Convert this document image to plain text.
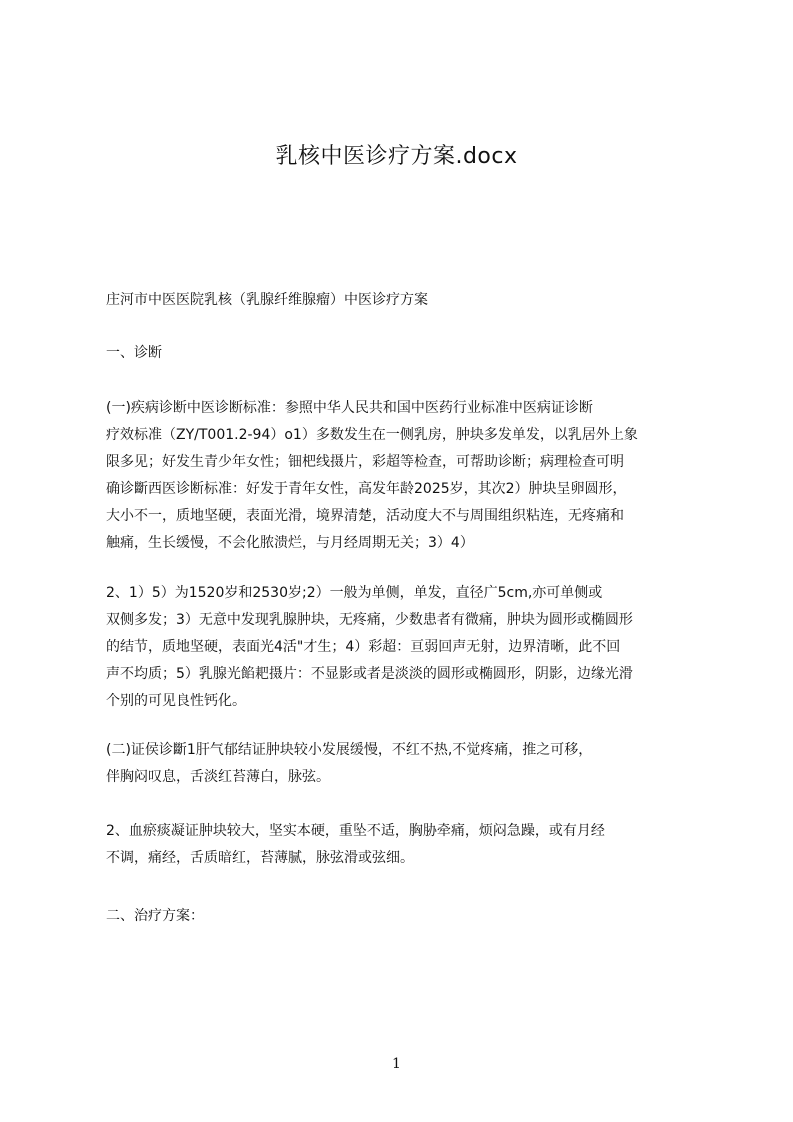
乳核中医诊疗方案.docx
庄河市中医医院乳核（乳腺纤维腺瘤）中医诊疗方案
一、诊断
(一)疾病诊断中医诊断标准：参照中华人民共和国中医药行业标准中医病证诊断
疗效标准（ZY/T001.2-94）o1）多数发生在一侧乳房，肿块多发单发，以乳居外上象
限多见；好发生青少年女性；钿杷线摄片，彩超等检查，可帮助诊断；病理检查可明
确诊斷西医诊断标准：好发于青年女性，高发年龄2025岁，其次2）肿块呈卵圆形，
大小不一，质地坚硬，表面光滑，境界清楚，活动度大不与周围组织粘连，无疼痛和
触痛，生长缓慢，不会化脓溃烂，与月经周期无关；3）4）
2、1）5）为1520岁和2530岁;2）一般为单侧，单发，直径广5cm,亦可单侧或
双侧多发；3）无意中发现乳腺肿块，无疼痛，少数患者有微痛，肿块为圆形或椭圆形
的结节，质地坚硬，表面光4活"才生；4）彩超：亘弱回声无射，边界清晰，此不回
声不均质；5）乳腺光餡耙摄片：不显影或者是淡淡的圆形或椭圆形，阴影，边缘光滑
个别的可见良性钙化。
(二)证侯诊斷1肝气郁结证肿块较小发展缓慢，不红不热,不觉疼痛，推之可移，
伴胸闷叹息，舌淡红苔薄白，脉弦。
2、血瘀痰凝证肿块较大，坚实本硬，重坠不适，胸胁牵痛，烦闷急躁，或有月经
不调，痛经，舌质暗红，苔薄腻，脉弦滑或弦细。
二、治疗方案：
1
